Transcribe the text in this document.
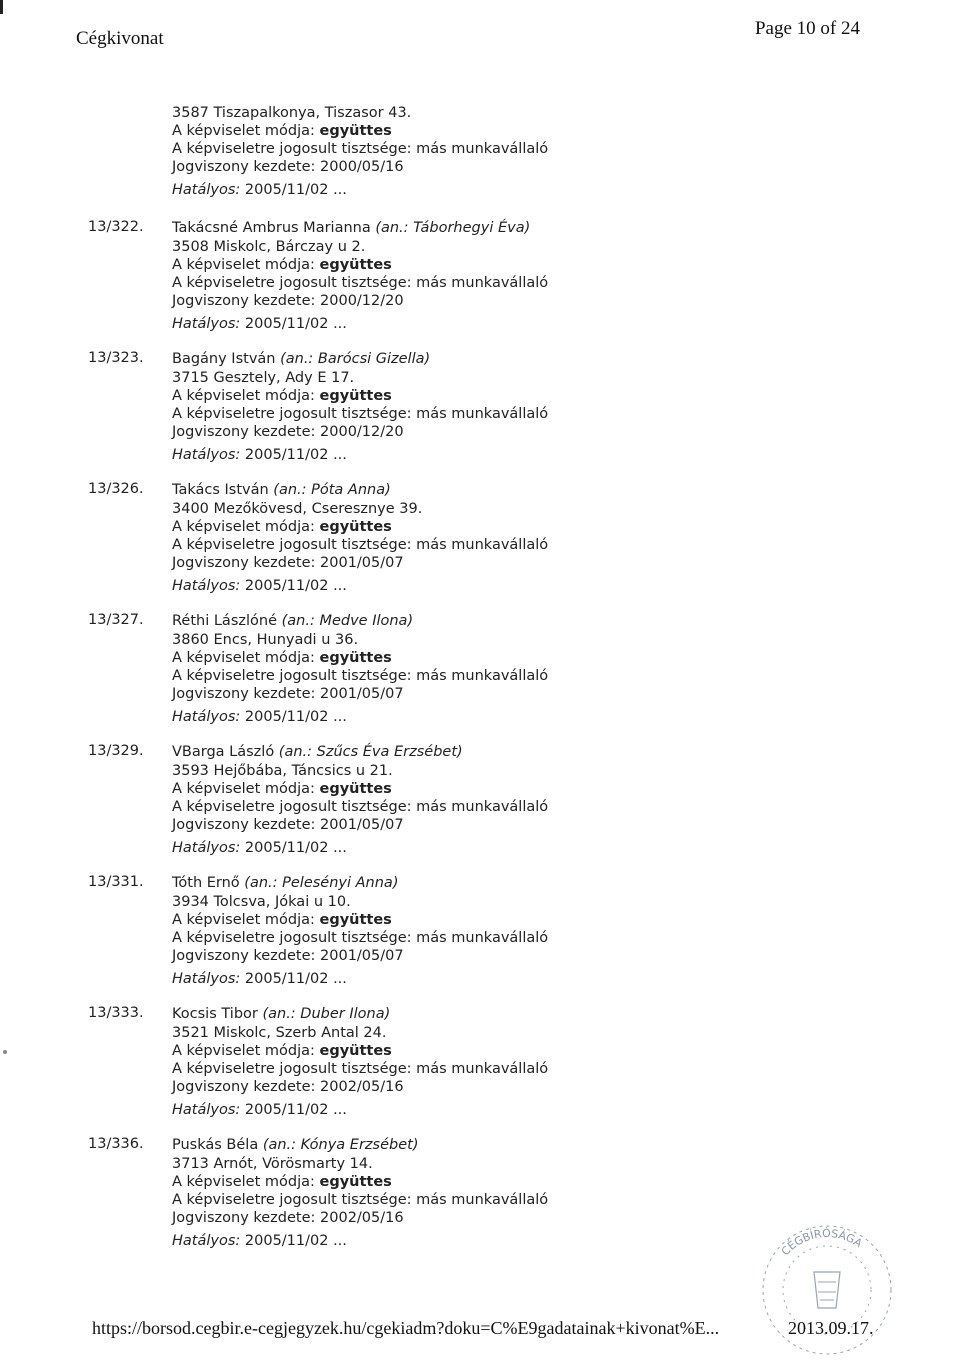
Cégkivonat	Page 10 of 24
3587 Tiszapalkonya, Tiszasor 43.
A képviselet módja: együttes
A képviseletre jogosult tisztsége: más munkavállaló
Jogviszony kezdete: 2000/05/16
Hatályos: 2005/11/02 ...
13/322. Takácsné Ambrus Marianna (an.: Táborhegyi Éva)
3508 Miskolc, Bárczay u 2.
A képviselet módja: együttes
A képviseletre jogosult tisztsége: más munkavállaló
Jogviszony kezdete: 2000/12/20
Hatályos: 2005/11/02 ...
13/323. Bagány István (an.: Barócsi Gizella)
3715 Gesztely, Ady E 17.
A képviselet módja: együttes
A képviseletre jogosult tisztsége: más munkavállaló
Jogviszony kezdete: 2000/12/20
Hatályos: 2005/11/02 ...
13/326. Takács István (an.: Póta Anna)
3400 Mezőkövesd, Cseresznye 39.
A képviselet módja: együttes
A képviseletre jogosult tisztsége: más munkavállaló
Jogviszony kezdete: 2001/05/07
Hatályos: 2005/11/02 ...
13/327. Réthi Lászlóné (an.: Medve Ilona)
3860 Encs, Hunyadi u 36.
A képviselet módja: együttes
A képviseletre jogosult tisztsége: más munkavállaló
Jogviszony kezdete: 2001/05/07
Hatályos: 2005/11/02 ...
13/329. VBarga László (an.: Szűcs Éva Erzsébet)
3593 Hejőbába, Táncsics u 21.
A képviselet módja: együttes
A képviseletre jogosult tisztsége: más munkavállaló
Jogviszony kezdete: 2001/05/07
Hatályos: 2005/11/02 ...
13/331. Tóth Ernő (an.: Pelesényi Anna)
3934 Tolcsva, Jókai u 10.
A képviselet módja: együttes
A képviseletre jogosult tisztsége: más munkavállaló
Jogviszony kezdete: 2001/05/07
Hatályos: 2005/11/02 ...
13/333. Kocsis Tibor (an.: Duber Ilona)
3521 Miskolc, Szerb Antal 24.
A képviselet módja: együttes
A képviseletre jogosult tisztsége: más munkavállaló
Jogviszony kezdete: 2002/05/16
Hatályos: 2005/11/02 ...
13/336. Puskás Béla (an.: Kónya Erzsébet)
3713 Arnót, Vörösmarty 14.
A képviselet módja: együttes
A képviseletre jogosult tisztsége: más munkavállaló
Jogviszony kezdete: 2002/05/16
Hatályos: 2005/11/02 ...
CÉGBÍRÓSÁGA
https://borsod.cegbir.e-cegjegyzek.hu/cgekiadm?doku=C%E9gadatainak+kivonat%E...	2013.09.17.
